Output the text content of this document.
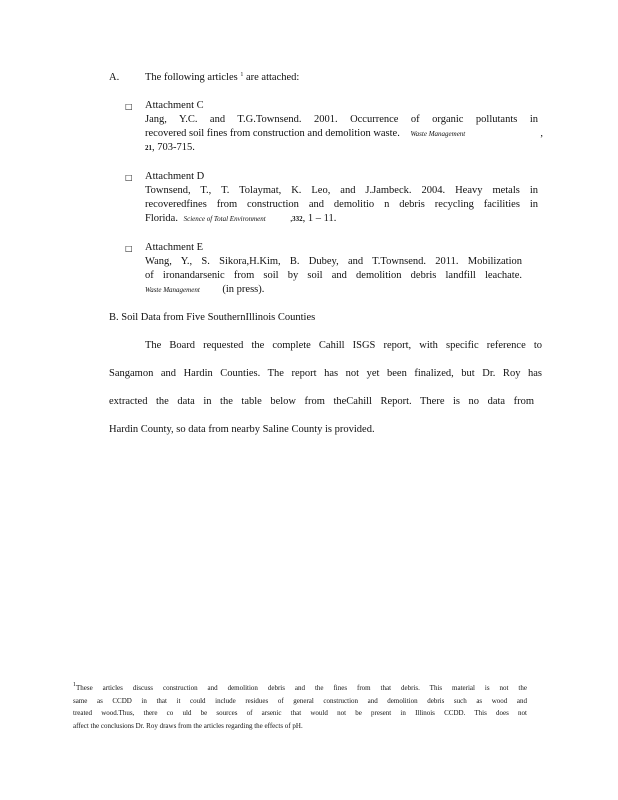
A. The following articles $^1$ are attached:
□ Attachment C
Jang, Y.C. and T.G.Townsend. 2001. Occurrence of organic pollutants in
recovered soil fines from construction and demolition waste. Waste Management	,
21, 703-715.
□ Attachment D
Townsend, T., T. Tolaymat, K. Leo, and J.Jambeck. 2004. Heavy metals in
recoveredfines from construction and demolitio n debris recycling facilities in
Florida. Science of Total Environment	,332, 1 – 11.
□ Attachment E
Wang, Y., S. Sikora,H.Kim, B. Dubey, and T.Townsend. 2011. Mobilization
of ironandarsenic from soil by soil and demolition debris landfill leachate.
Waste Management (in press).
B. Soil Data from Five SouthernIllinois Counties
The Board requested the complete Cahill ISGS report, with specific reference to
Sangamon and Hardin Counties. The report has not yet been finalized, but Dr. Roy has
extracted the data in the table below from theCahill Report. There is no data from
Hardin County, so data from nearby Saline County is provided.
$^1$These articles discuss construction and demolition debris and the fines from that debris. This material is not the
same as CCDD in that it could include residues of general construction and demolition debris such as wood and
treated wood.Thus, there co uld be sources of arsenic that would not be present in Illinois CCDD. This does not
affect the conclusions Dr. Roy draws from the articles regarding the effects of pH.
